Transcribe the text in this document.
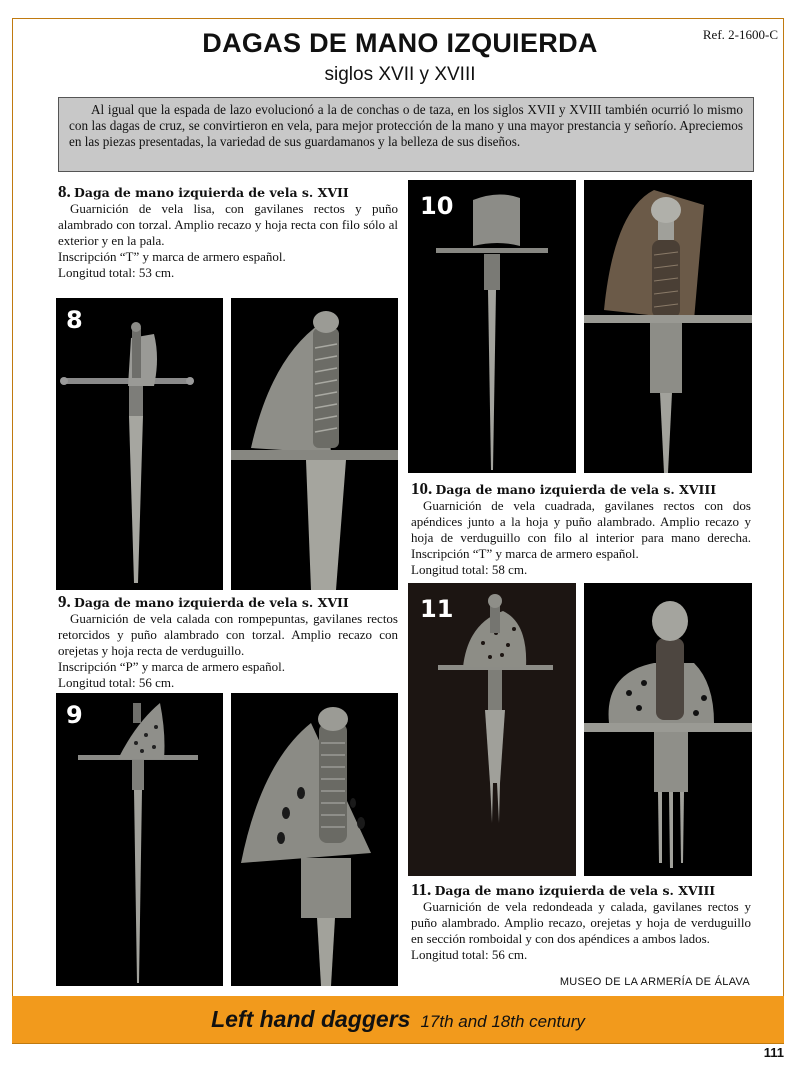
Ref. 2-1600-C
DAGAS DE MANO IZQUIERDA
siglos XVII y XVIII
Al igual que la espada de lazo evolucionó a la de conchas o de taza, en los siglos XVII y XVIII también ocurrió lo mismo con las dagas de cruz, se convirtieron en vela, para mejor protección de la mano y una mayor prestancia y señorío. Apreciemos en las piezas presentadas, la variedad de sus guardamanos y la belleza de sus diseños.

8. Daga de mano izquierda de vela s. XVII

Guarnición de vela lisa, con gavilanes rectos y puño alambrado con torzal. Amplio recazo y hoja recta con filo sólo al exterior y en la pala.

Inscripción “T” y marca de armero español.

Longitud total: 53 cm.

8

9. Daga de mano izquierda de vela s. XVII

Guarnición de vela calada con rompepuntas, gavilanes rectos retorcidos y puño alambrado con torzal. Amplio recazo con orejetas y hoja recta de verduguillo.

Inscripción “P” y marca de armero español.

Longitud total: 56 cm.

9
10

10. Daga de mano izquierda de vela s. XVIII

Guarnición de vela cuadrada, gavilanes rectos con dos apéndices junto a la hoja y puño alambrado. Amplio recazo y hoja de verduguillo con filo al interior para mano derecha. Inscripción “T” y marca de armero español.

Longitud total: 58 cm.

11

11. Daga de mano izquierda de vela s. XVIII

Guarnición de vela redondeada y calada, gavilanes rectos y puño alambrado. Amplio recazo, orejetas y hoja de verduguillo en sección romboidal y con dos apéndices a ambos lados.

Longitud total: 56 cm.

MUSEO DE LA ARMERÍA DE ÁLAVA
Left hand daggers 17th and 18th century
111
